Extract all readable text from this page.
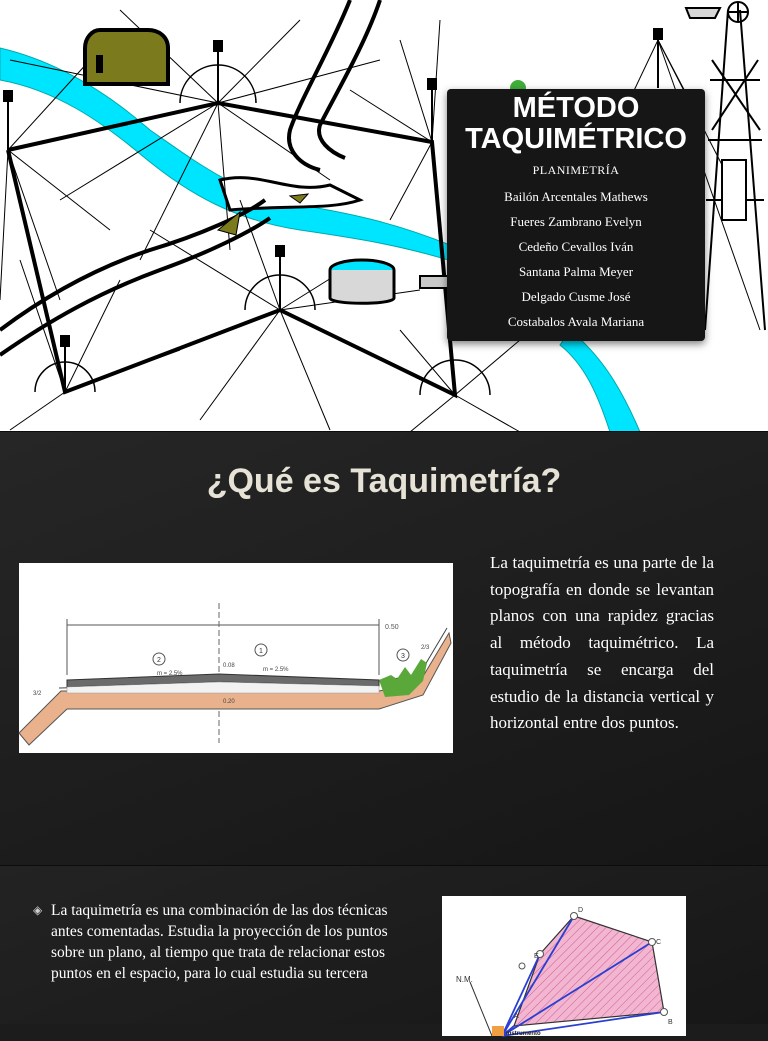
MÉTODO
TAQUIMÉTRICO
PLANIMETRÍA
Bailón Arcentales Mathews
Fueres Zambrano Evelyn
Cedeño Cevallos Iván
Santana Palma Meyer
Delgado Cusme José
Costabalos Avala Mariana
¿Qué es Taquimetría?
0.50
2
1
3
m = 2.5%
m = 2.5%
0.08
0.20
3/2
2/3

La taquimetría es una parte de la topografía en donde se levantan planos con una rapidez gracias al método taquimétrico. La taquimetría se encarga del estudio de la distancia vertical y horizontal entre dos puntos.

◈ La taquimetría es una combinación de las dos técnicas antes comentadas. Estudia la proyección de los puntos sobre un plano, al tiempo que trata de relacionar estos puntos en el espacio, para lo cual estudia su tercera	N.M.
E
D
C
B
A
Instrumento
